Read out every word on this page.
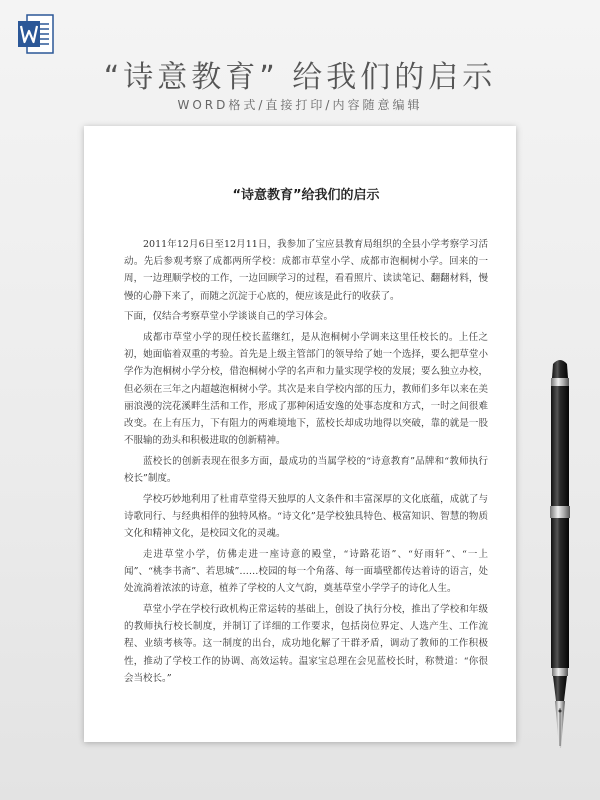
“诗意教育” 给我们的启示
WORD格式/直接打印/内容随意编辑
“诗意教育”给我们的启示

2011年12月6日至12月11日，我参加了宝应县教育局组织的全县小学考察学习活动。先后参观考察了成都两所学校：成都市草堂小学、成都市泡桐树小学。回来的一周，一边理顺学校的工作，一边回顾学习的过程，看看照片、读读笔记、翻翻材料，慢慢的心静下来了，而随之沉淀于心底的，便应该是此行的收获了。

下面，仅结合考察草堂小学谈谈自己的学习体会。

成都市草堂小学的现任校长蓝继红，是从泡桐树小学调来这里任校长的。上任之初，她面临着双重的考验。首先是上级主管部门的领导给了她一个选择，要么把草堂小学作为泡桐树小学分校，借泡桐树小学的名声和力量实现学校的发展；要么独立办校，但必须在三年之内超越泡桐树小学。其次是来自学校内部的压力，教师们多年以来在美丽浪漫的浣花溪畔生活和工作，形成了那种闲适安逸的处事态度和方式，一时之间很难改变。在上有压力，下有阻力的两难境地下，蓝校长却成功地得以突破，靠的就是一股不服输的劲头和积极进取的创新精神。

蓝校长的创新表现在很多方面，最成功的当属学校的“诗意教育”品牌和“教师执行校长”制度。

学校巧妙地利用了杜甫草堂得天独厚的人文条件和丰富深厚的文化底蕴，成就了与诗歌同行、与经典相伴的独特风格。“诗文化”是学校独具特色、极富知识、智慧的物质文化和精神文化，是校园文化的灵魂。

走进草堂小学，仿佛走进一座诗意的殿堂，“诗路花语”、“好雨轩”、“一上闻”、“桃李书斋”、若思城”……校园的每一个角落、每一面墙壁都传达着诗的语言，处处流淌着浓浓的诗意，植养了学校的人文气韵，奠基草堂小学学子的诗化人生。

草堂小学在学校行政机构正常运转的基础上，创设了执行分校，推出了学校和年级的教师执行校长制度，并制订了详细的工作要求，包括岗位界定、人选产生、工作流程、业绩考核等。这一制度的出台，成功地化解了干群矛盾，调动了教师的工作积极性，推动了学校工作的协调、高效运转。温家宝总理在会见蓝校长时，称赞道：“你很会当校长。”
